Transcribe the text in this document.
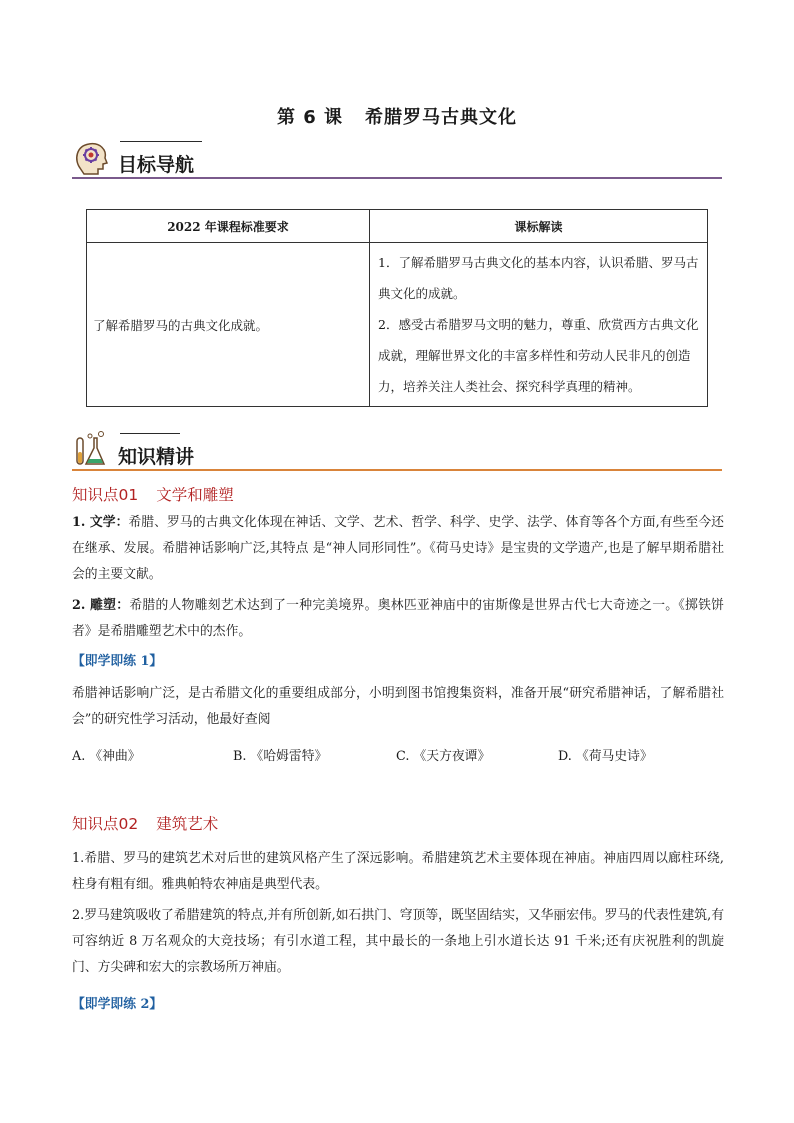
第 6 课 希腊罗马古典文化
目标导航
2022 年课程标准要求	课标解读
了解希腊罗马的古典文化成就。	1．了解希腊罗马古典文化的基本内容，认识希腊、罗马古典文化的成就。

2．感受古希腊罗马文明的魅力，尊重、欣赏西方古典文化成就，理解世界文化的丰富多样性和劳动人民非凡的创造力，培养关注人类社会、探究科学真理的精神。

知识精讲
知识点01 文学和雕塑
1. 文学：希腊、罗马的古典文化体现在神话、文学、艺术、哲学、科学、史学、法学、体育等各个方面,有些至今还在继承、发展。希腊神话影响广泛,其特点 是“神人同形同性”。《荷马史诗》是宝贵的文学遗产,也是了解早期希腊社会的主要文献。
2. 雕塑：希腊的人物雕刻艺术达到了一种完美境界。奥林匹亚神庙中的宙斯像是世界古代七大奇迹之一。《掷铁饼者》是希腊雕塑艺术中的杰作。
【即学即练 1】
希腊神话影响广泛，是古希腊文化的重要组成部分，小明到图书馆搜集资料，准备开展“研究希腊神话，了解希腊社会”的研究性学习活动，他最好查阅
A. 《神曲》	B. 《哈姆雷特》	C. 《天方夜谭》	D. 《荷马史诗》
知识点02 建筑艺术
1.希腊、罗马的建筑艺术对后世的建筑风格产生了深远影响。希腊建筑艺术主要体现在神庙。神庙四周以廊柱环绕,柱身有粗有细。雅典帕特农神庙是典型代表。
2.罗马建筑吸收了希腊建筑的特点,并有所创新,如石拱门、穹顶等，既坚固结实，又华丽宏伟。罗马的代表性建筑,有可容纳近 8 万名观众的大竞技场；有引水道工程，其中最长的一条地上引水道长达 91 千米;还有庆祝胜利的凯旋门、方尖碑和宏大的宗教场所万神庙。
【即学即练 2】
